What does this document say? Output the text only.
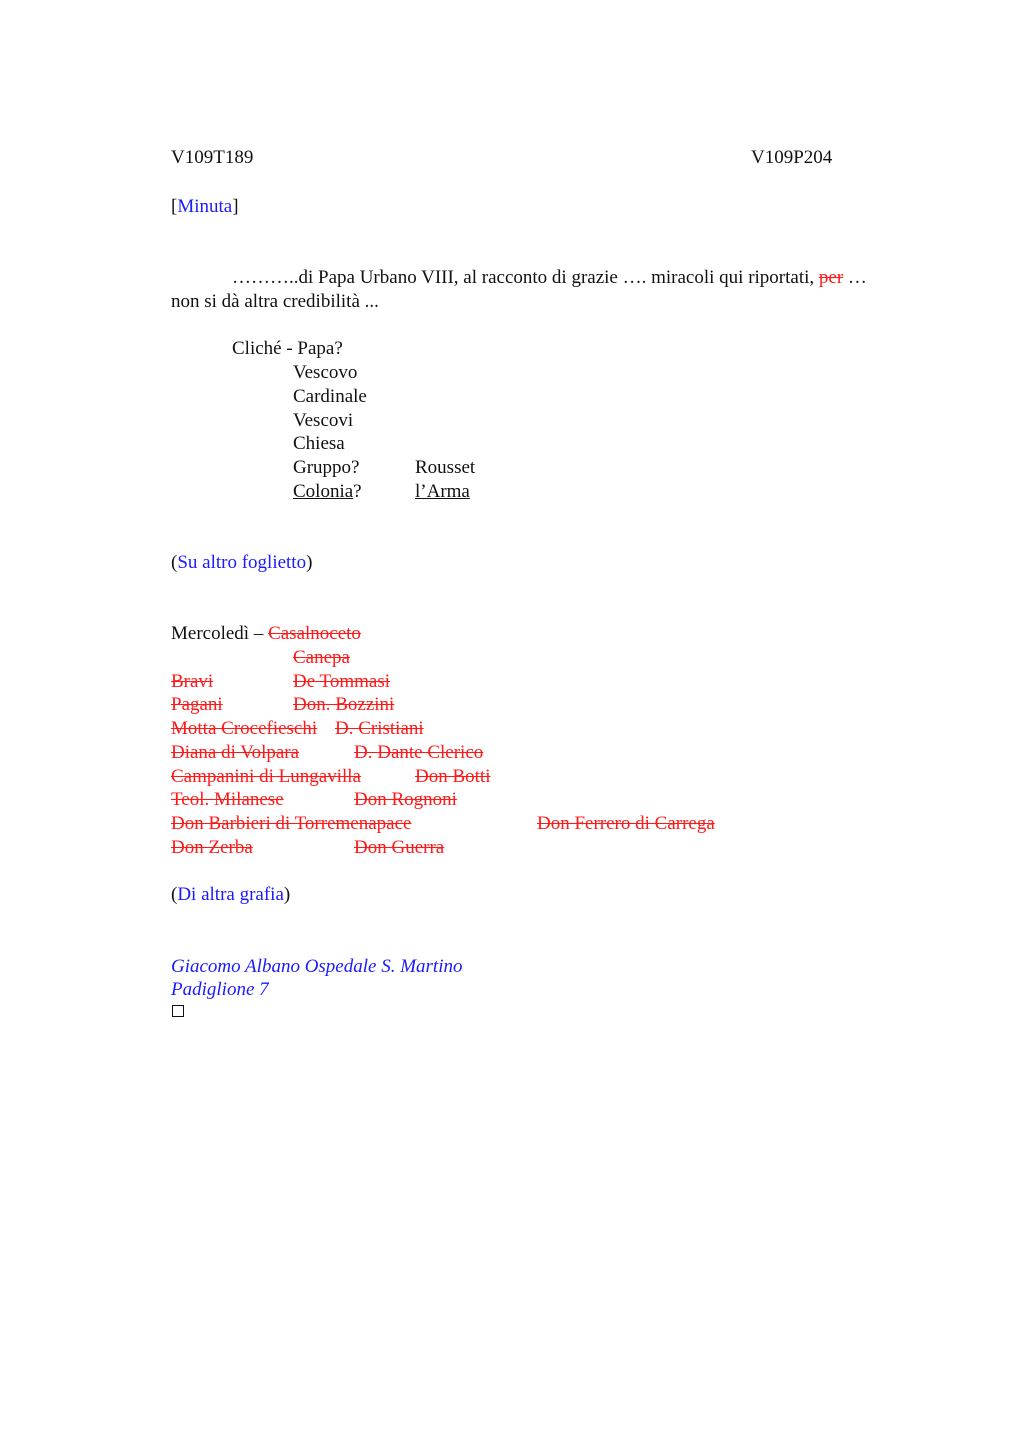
V109T189	V109P204
[Minuta]
………..di Papa Urbano VIII, al racconto di grazie …. miracoli qui riportati, per …
non si dà altra credibilità ...
Cliché - Papa?
Vescovo
Cardinale
Vescovi
Chiesa
Gruppo?	Rousset
Colonia?	l’Arma
(Su altro foglietto)
Mercoledì – Casalnoceto
Canepa
Bravi	De Tommasi
Pagani	Don. Bozzini
Motta Crocefieschi D. Cristiani
Diana di Volpara	D. Dante Clerico
Campanini di Lungavilla	Don Botti
Teol. Milanese	Don Rognoni
Don Barbieri di Torremenapace	Don Ferrero di Carrega
Don Zerba	Don Guerra
(Di altra grafia)
Giacomo Albano Ospedale S. Martino
Padiglione 7
